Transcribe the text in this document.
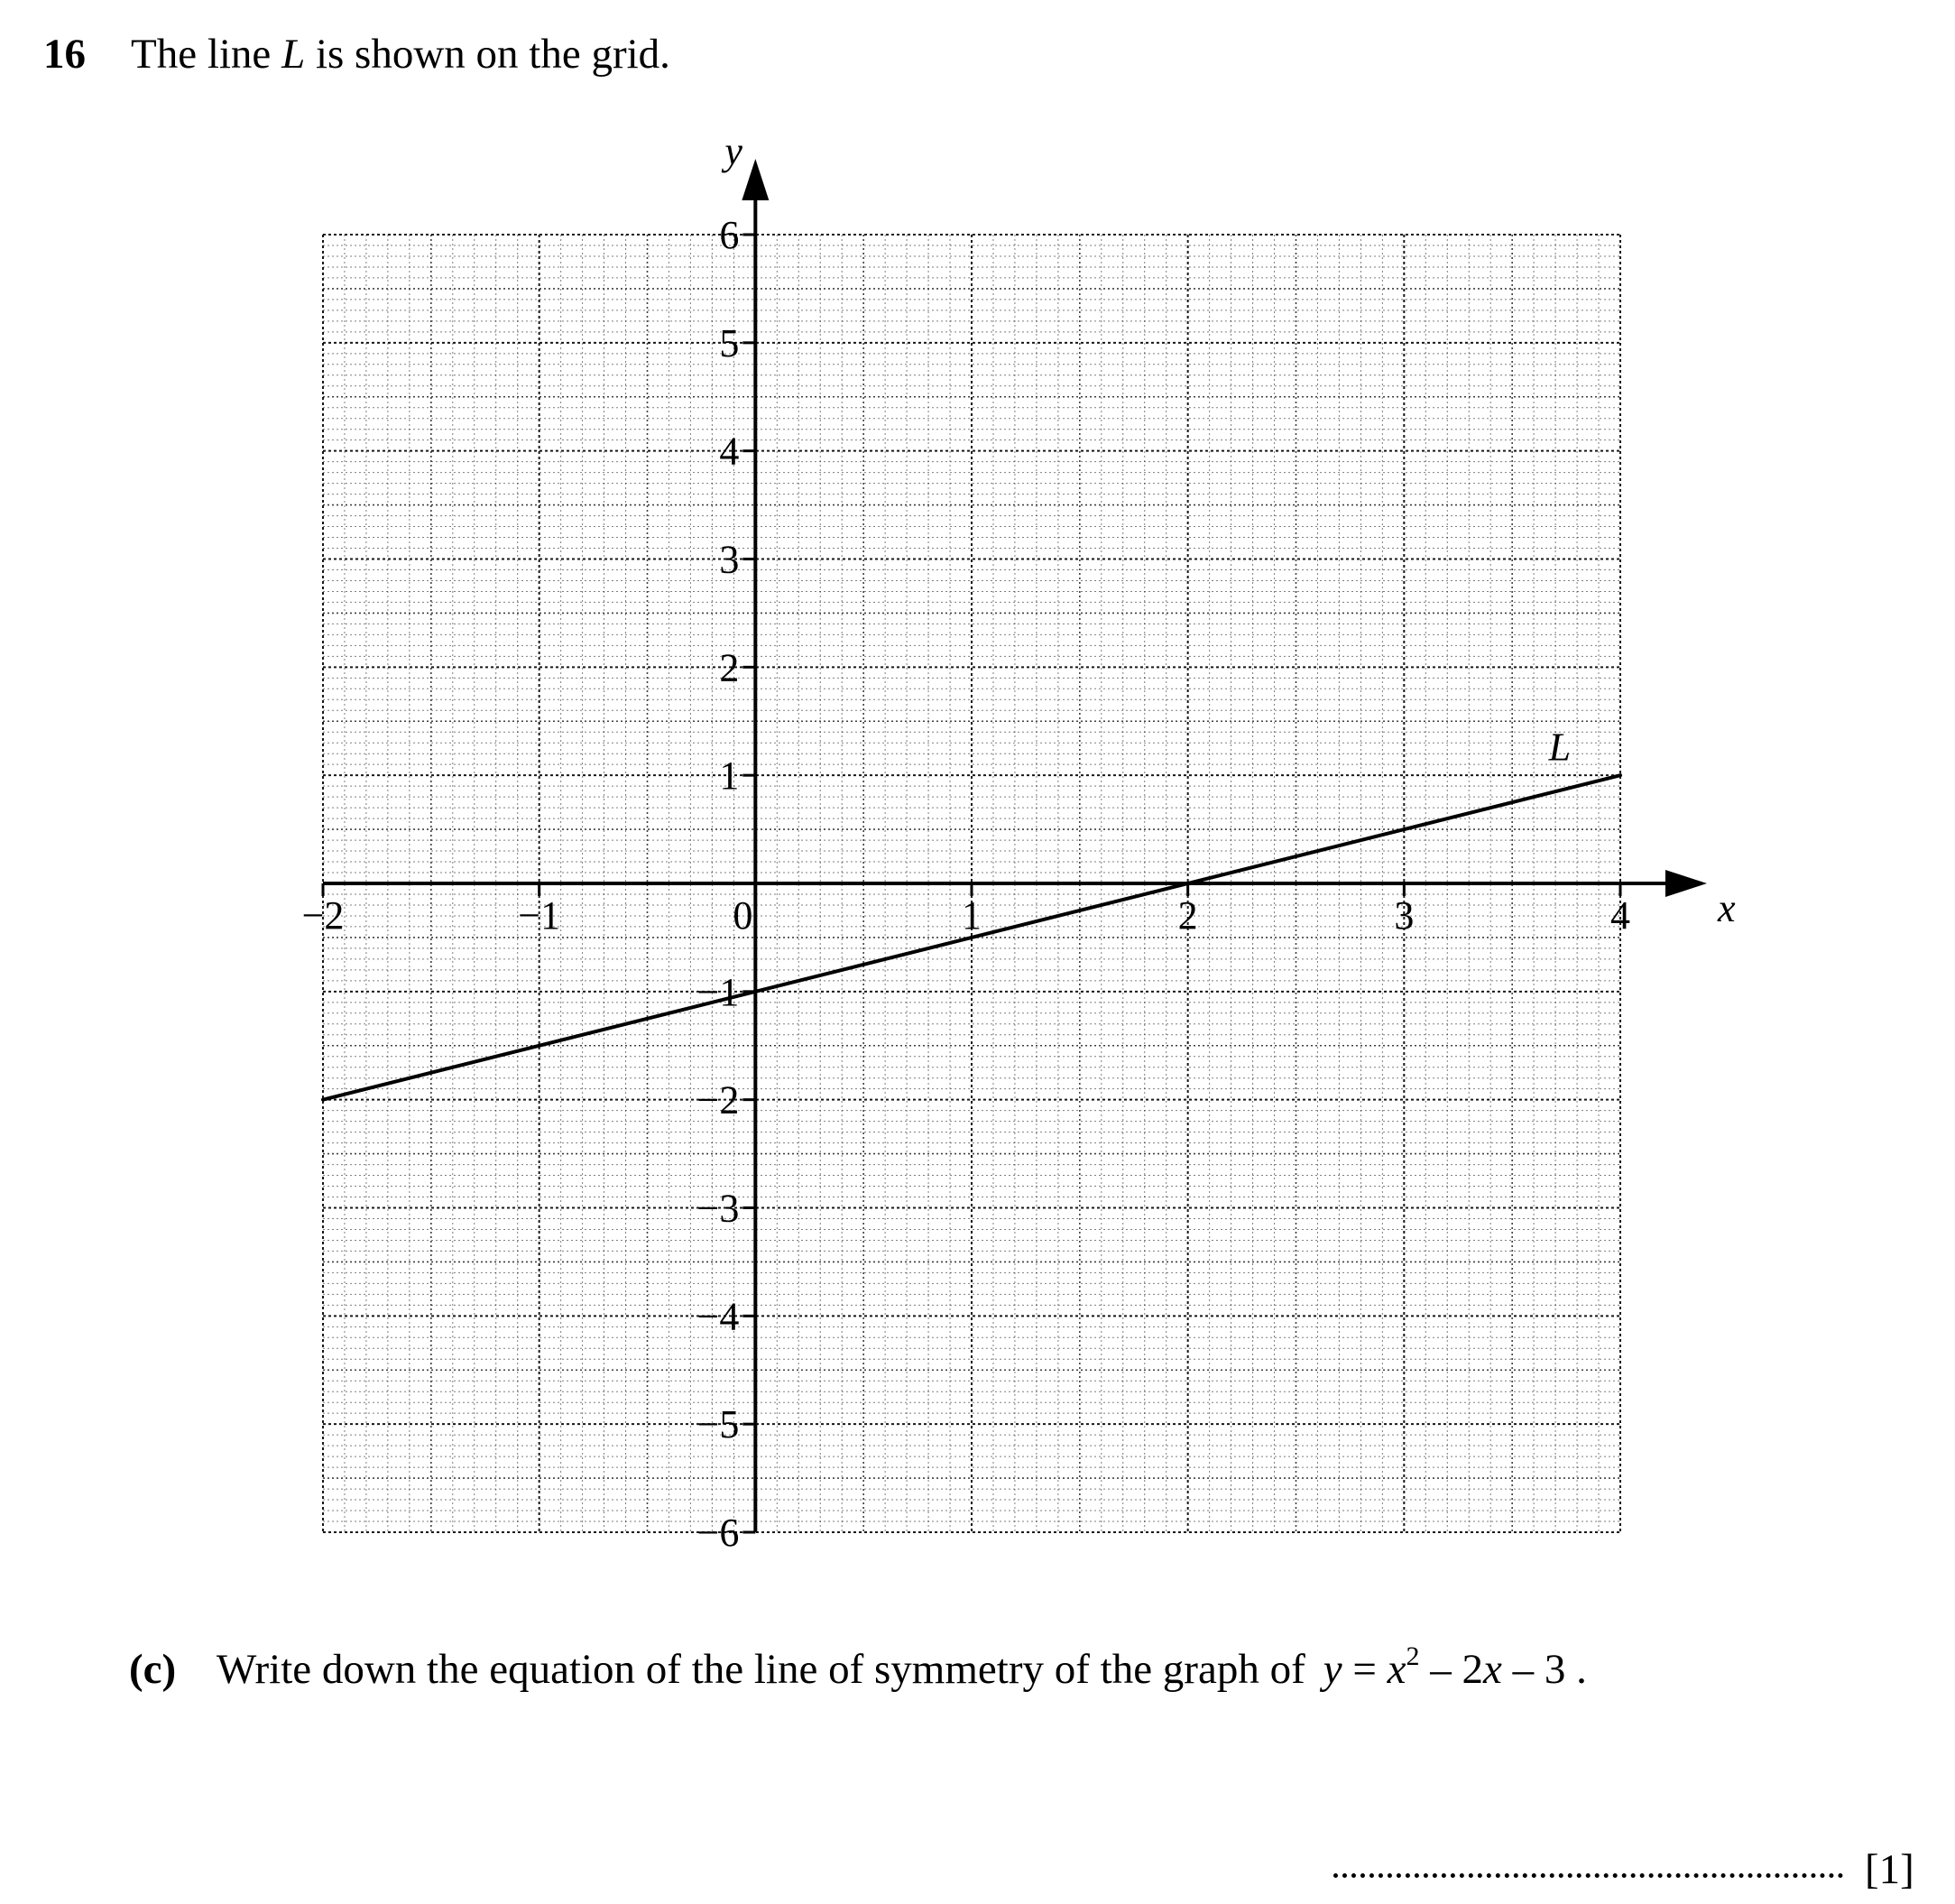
16 The line L is shown on the grid.
x
y
−2	−1	1	2	3	4
0
−6
−5
−4
−3
−2
−1
1
2
3
4
5
6
L
(c) Write down the equation of the line of symmetry of the graph of $y = x^2 - 2x - 3$ .
[1]
